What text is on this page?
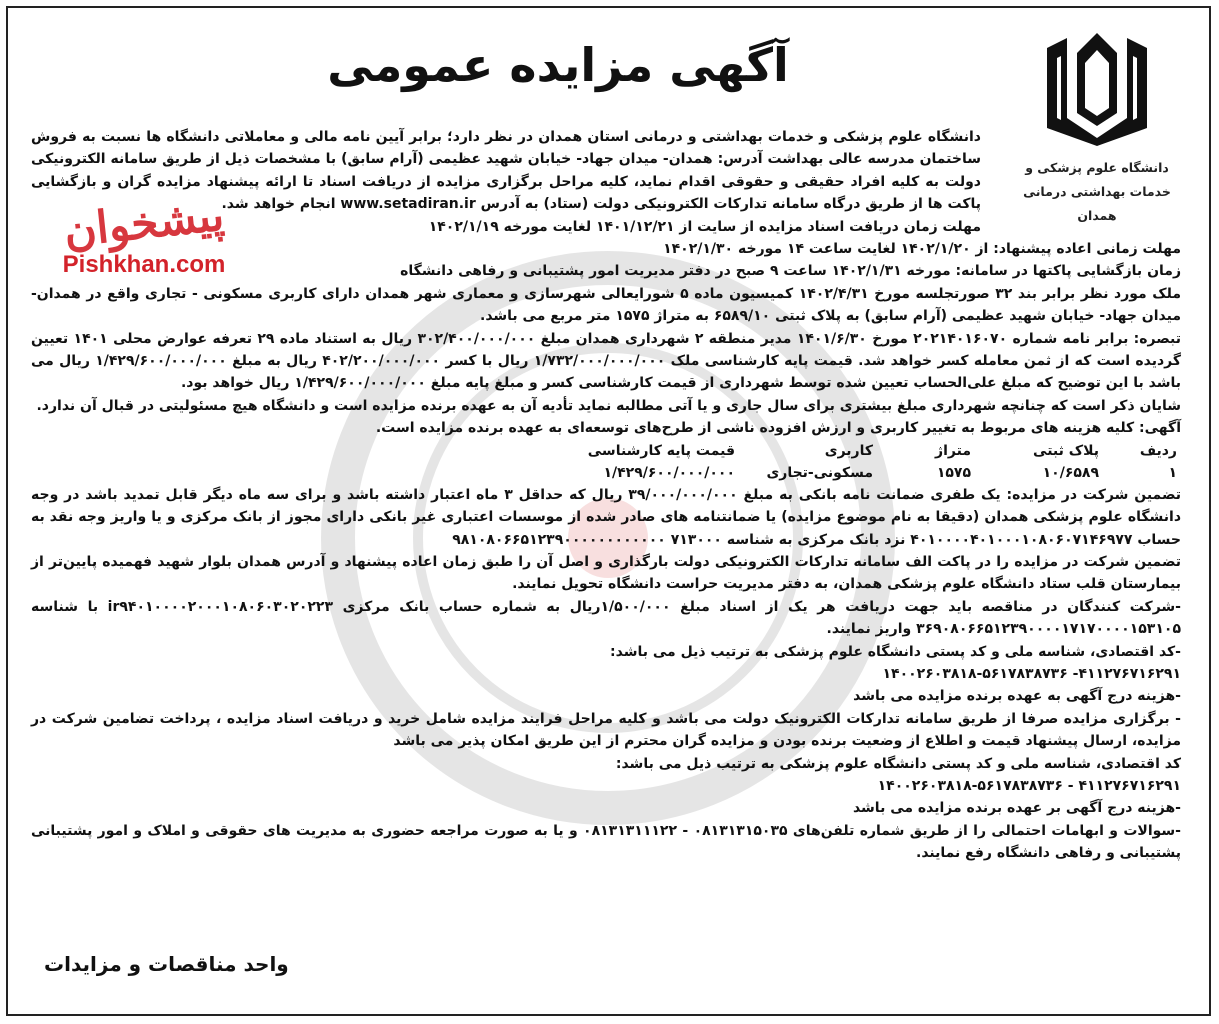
آگهی مزایده عمومی
دانشگاه علوم پزشکی و
خدمات بهداشتی درمانی همدان
پیشخوان
Pishkhan.com

دانشگاه علوم پزشکی و خدمات بهداشتی و درمانی استان همدان در نظر دارد؛ برابر آیین نامه مالی و معاملاتی دانشگاه ها نسبت به فروش ساختمان مدرسه عالی بهداشت آدرس: همدان- میدان جهاد- خیابان شهید عظیمی (آرام سابق) با مشخصات ذیل از طریق سامانه الکترونیکی دولت به کلیه افراد حقیقی و حقوقی اقدام نماید، کلیه مراحل برگزاری مزایده از دریافت اسناد تا ارائه پیشنهاد مزایده گران و بازگشایی پاکت ها از طریق درگاه سامانه تدارکات الکترونیکی دولت (ستاد) به آدرس www.setadiran.ir انجام خواهد شد.

مهلت زمان دریافت اسناد مزایده از سایت از ۱۴۰۱/۱۲/۲۱ لغایت مورخه ۱۴۰۲/۱/۱۹

مهلت زمانی اعاده پیشنهاد: از ۱۴۰۲/۱/۲۰ لغایت ساعت ۱۴ مورخه ۱۴۰۲/۱/۳۰

زمان بازگشایی پاکتها در سامانه: مورخه ۱۴۰۲/۱/۳۱ ساعت ۹ صبح در دفتر مدیریت امور پشتیبانی و رفاهی دانشگاه

ملک مورد نظر برابر بند ۳۲ صورتجلسه مورخ ۱۴۰۲/۴/۳۱ کمیسیون ماده ۵ شورایعالی شهرسازی و معماری شهر همدان دارای کاربری مسکونی - تجاری واقع در همدان- میدان جهاد- خیابان شهید عظیمی (آرام سابق) به پلاک ثبتی ۶۵۸۹/۱۰ به متراژ ۱۵۷۵ متر مربع می باشد.

تبصره: برابر نامه شماره ۲۰۲۱۴۰۱۶۰۷۰ مورخ ۱۴۰۱/۶/۳۰ مدیر منطقه ۲ شهرداری همدان مبلغ ۳۰۲/۴۰۰/۰۰۰/۰۰۰ ریال به استناد ماده ۲۹ تعرفه عوارض محلی ۱۴۰۱ تعیین گردیده است که از ثمن معامله کسر خواهد شد. قیمت پایه کارشناسی ملک ۱/۷۳۲/۰۰۰/۰۰۰/۰۰۰ ریال با کسر ۴۰۲/۲۰۰/۰۰۰/۰۰۰ ریال به مبلغ ۱/۴۲۹/۶۰۰/۰۰۰/۰۰۰ ریال می باشد با این توضیح که مبلغ علی‌الحساب تعیین شده توسط شهرداری از قیمت کارشناسی کسر و مبلغ پایه مبلغ ۱/۴۲۹/۶۰۰/۰۰۰/۰۰۰ ریال خواهد بود.

شایان ذکر است که چنانچه شهرداری مبلغ بیشتری برای سال جاری و یا آتی مطالبه نماید تأدیه آن به عهده برنده مزایده است و دانشگاه هیچ مسئولیتی در قبال آن ندارد.

آگهی: کلیه هزینه های مربوط به تغییر کاربری و ارزش افزوده ناشی از طرح‌های توسعه‌ای به عهده برنده مزایده است.

ردیف	پلاک ثبتی	متراژ	کاربری	قیمت پایه کارشناسی
۱	۱۰/۶۵۸۹	۱۵۷۵	مسکونی-تجاری	۱/۴۲۹/۶۰۰/۰۰۰/۰۰۰

تضمین شرکت در مزایده: یک طفری ضمانت نامه بانکی به مبلغ ۳۹/۰۰۰/۰۰۰/۰۰۰ ریال که حداقل ۳ ماه اعتبار داشته باشد و برای سه ماه دیگر قابل تمدید باشد در وجه دانشگاه علوم پزشکی همدان (دقیقا به نام موضوع مزایده) یا ضمانتنامه های صادر شده از موسسات اعتباری غیر بانکی دارای مجوز از بانک مرکزی و یا واریز وجه نقد به حساب ۴۰۱۰۰۰۰۴۰۱۰۰۰۱۰۸۰۶۰۷۱۴۶۹۷۷ نزد بانک مرکزی به شناسه ۷۱۳۰۰۰ ۹۸۱۰۸۰۶۶۵۱۲۳۹۰۰۰۰۰۰۰۰۰۰۰۰

تضمین شرکت در مزایده را در پاکت الف سامانه تدارکات الکترونیکی دولت بارگذاری و اصل آن را طبق زمان اعاده پیشنهاد و آدرس همدان بلوار شهید فهمیده پایین‌تر از بیمارستان قلب ستاد دانشگاه علوم پزشکی همدان، به دفتر مدیریت حراست دانشگاه تحویل نمایند.

-شرکت کنندگان در مناقصه باید جهت دریافت هر یک از اسناد مبلغ ۱/۵۰۰/۰۰۰ریال به شماره حساب بانک مرکزی ir۹۴۰۱۰۰۰۰۲۰۰۰۱۰۸۰۶۰۳۰۲۰۲۲۳ با شناسه ۳۶۹۰۸۰۶۶۵۱۲۳۹۰۰۰۰۱۷۱۷۰۰۰۰۱۵۳۱۰۵ واریز نمایند.

-کد اقتصادی، شناسه ملی و کد پستی دانشگاه علوم پزشکی به ترتیب ذیل می باشد:

۴۱۱۲۷۶۷۱۶۲۹۱- ۱۴۰۰۲۶۰۳۸۱۸-۵۶۱۷۸۳۸۷۳۶

-هزینه درج آگهی به عهده برنده مزایده می باشد

- برگزاری مزایده صرفا از طریق سامانه تدارکات الکترونیک دولت می باشد و کلیه مراحل فرایند مزایده شامل خرید و دریافت اسناد مزایده ، پرداخت تضامین شرکت در مزایده، ارسال پیشنهاد قیمت و اطلاع از وضعیت برنده بودن و مزایده گران محترم از این طریق امکان پذیر می باشد

کد اقتصادی، شناسه ملی و کد پستی دانشگاه علوم پزشکی به ترتیب ذیل می باشد:

۴۱۱۲۷۶۷۱۶۲۹۱ - ۱۴۰۰۲۶۰۳۸۱۸-۵۶۱۷۸۳۸۷۳۶

-هزینه درج آگهی بر عهده برنده مزایده می باشد

-سوالات و ابهامات احتمالی را از طریق شماره تلفن‌های ۰۸۱۳۱۳۱۵۰۳۵ - ۰۸۱۳۱۳۱۱۱۲۲ و یا به صورت مراجعه حضوری به مدیریت های حقوقی و املاک و امور پشتیبانی پشتیبانی و رفاهی دانشگاه رفع نمایند.

واحد مناقصات و مزایدات
